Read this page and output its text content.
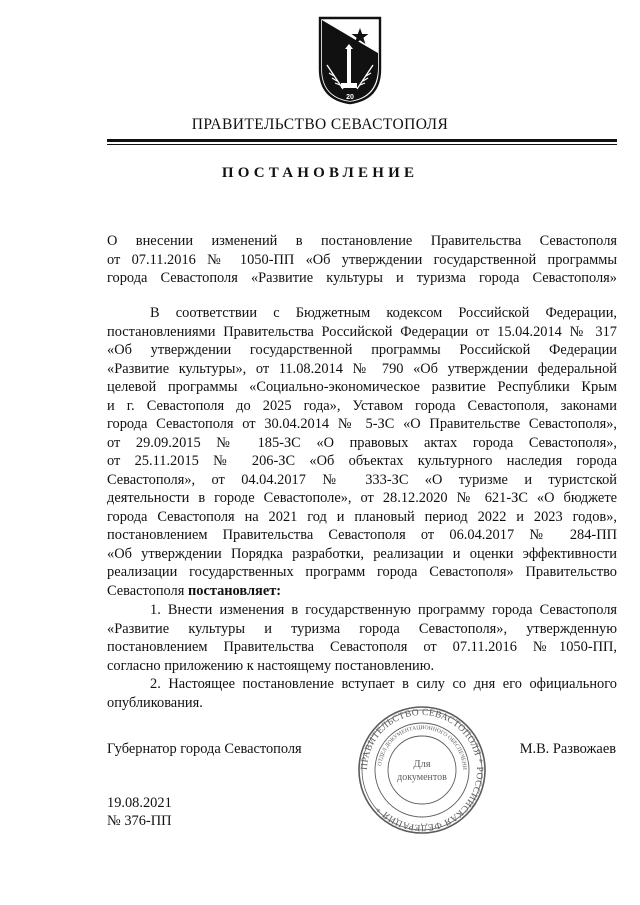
20
ПРАВИТЕЛЬСТВО СЕВАСТОПОЛЯ
ПОСТАНОВЛЕНИЕ
О внесении изменений в постановление Правительства Севастополя
от 07.11.2016 № 1050-ПП «Об утверждении государственной программы
города Севастополя «Развитие культуры и туризма города Севастополя»
В соответствии с Бюджетным кодексом Российской Федерации,
постановлениями Правительства Российской Федерации от 15.04.2014 № 317
«Об утверждении государственной программы Российской Федерации
«Развитие культуры», от 11.08.2014 № 790 «Об утверждении федеральной
целевой программы «Социально-экономическое развитие Республики Крым
и г. Севастополя до 2025 года», Уставом города Севастополя, законами
города Севастополя от 30.04.2014 № 5-ЗС «О Правительстве Севастополя»,
от 29.09.2015 № 185-ЗС «О правовых актах города Севастополя»,
от 25.11.2015 № 206-ЗС «Об объектах культурного наследия города
Севастополя», от 04.04.2017 № 333-ЗС «О туризме и туристской
деятельности в городе Севастополе», от 28.12.2020 № 621-ЗС «О бюджете
города Севастополя на 2021 год и плановый период 2022 и 2023 годов»,
постановлением Правительства Севастополя от 06.04.2017 № 284-ПП
«Об утверждении Порядка разработки, реализации и оценки эффективности
реализации государственных программ города Севастополя» Правительство
Севастополя постановляет:
1. Внести изменения в государственную программу города Севастополя
«Развитие культуры и туризма города Севастополя», утвержденную
постановлением Правительства Севастополя от 07.11.2016 №1050-ПП,
согласно приложению к настоящему постановлению.
2. Настоящее постановление вступает в силу со дня его официального
опубликования.
Губернатор города Севастополя	М.В. Развожаев
ПРАВИТЕЛЬСТВО СЕВАСТОПОЛЯ * РОССИЙСКАЯ ФЕДЕРАЦИЯ *
ОТДЕЛ ДОКУМЕНТАЦИОННОГО ОБЕСПЕЧЕНИ
Для
документов
19.08.2021
№ 376-ПП
